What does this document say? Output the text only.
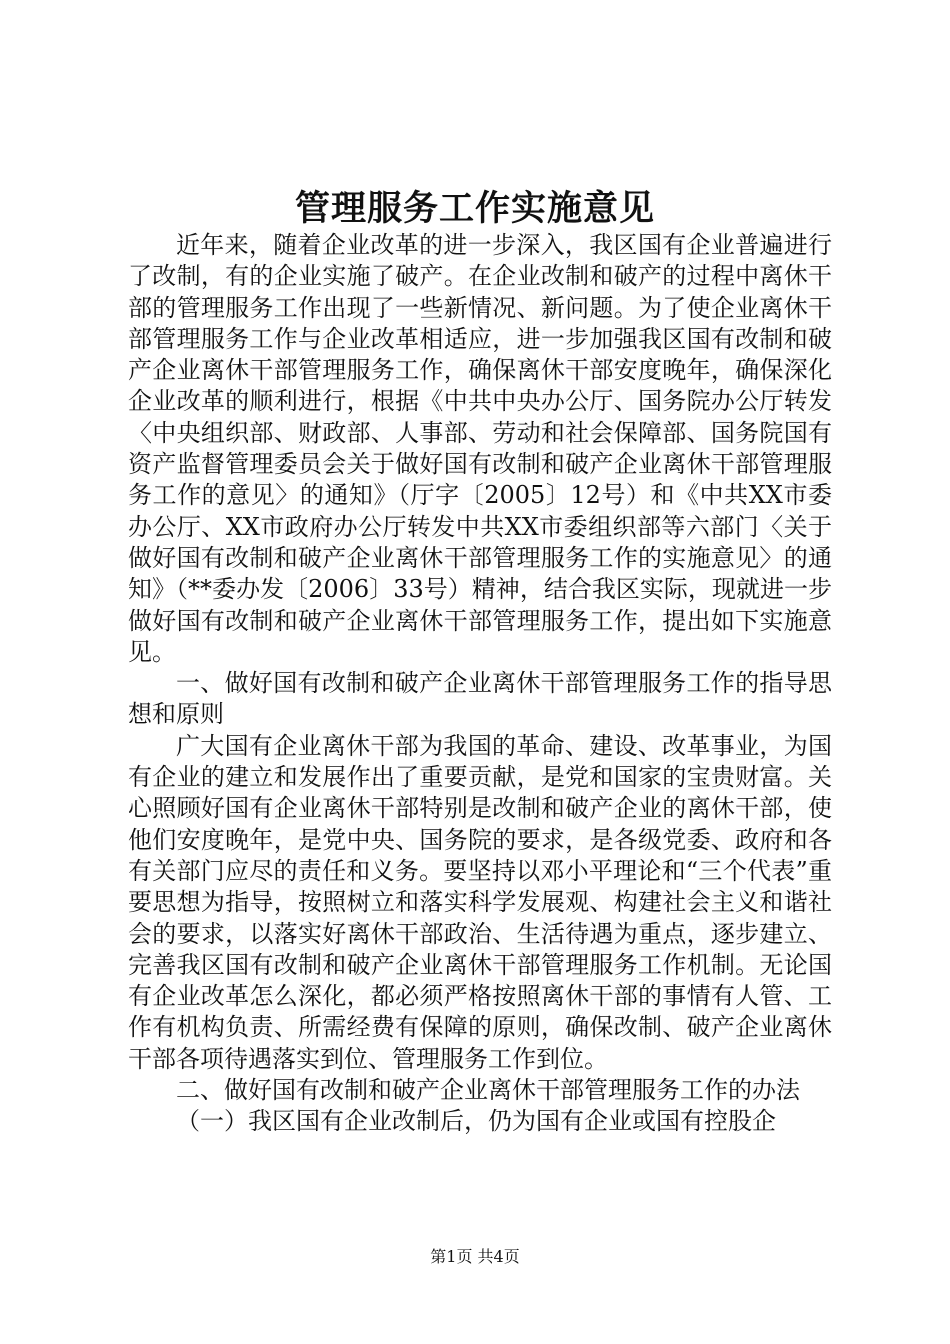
管理服务工作实施意见

近年来，随着企业改革的进一步深入，我区国有企业普遍进行了改制，有的企业实施了破产。在企业改制和破产的过程中离休干部的管理服务工作出现了一些新情况、新问题。为了使企业离休干部管理服务工作与企业改革相适应，进一步加强我区国有改制和破产企业离休干部管理服务工作，确保离休干部安度晚年，确保深化企业改革的顺利进行，根据《中共中央办公厅、国务院办公厅转发〈中央组织部、财政部、人事部、劳动和社会保障部、国务院国有资产监督管理委员会关于做好国有改制和破产企业离休干部管理服务工作的意见〉的通知》（厅字〔2005〕12号）和《中共XX市委办公厅、XX市政府办公厅转发中共XX市委组织部等六部门〈关于做好国有改制和破产企业离休干部管理服务工作的实施意见〉的通知》（**委办发〔2006〕33号）精神，结合我区实际，现就进一步做好国有改制和破产企业离休干部管理服务工作，提出如下实施意见。

一、做好国有改制和破产企业离休干部管理服务工作的指导思想和原则

广大国有企业离休干部为我国的革命、建设、改革事业，为国有企业的建立和发展作出了重要贡献，是党和国家的宝贵财富。关心照顾好国有企业离休干部特别是改制和破产企业的离休干部，使他们安度晚年，是党中央、国务院的要求，是各级党委、政府和各有关部门应尽的责任和义务。要坚持以邓小平理论和“三个代表”重要思想为指导，按照树立和落实科学发展观、构建社会主义和谐社会的要求，以落实好离休干部政治、生活待遇为重点，逐步建立、完善我区国有改制和破产企业离休干部管理服务工作机制。无论国有企业改革怎么深化，都必须严格按照离休干部的事情有人管、工作有机构负责、所需经费有保障的原则，确保改制、破产企业离休干部各项待遇落实到位、管理服务工作到位。

二、做好国有改制和破产企业离休干部管理服务工作的办法

（一）我区国有企业改制后，仍为国有企业或国有控股企

第1页 共4页
